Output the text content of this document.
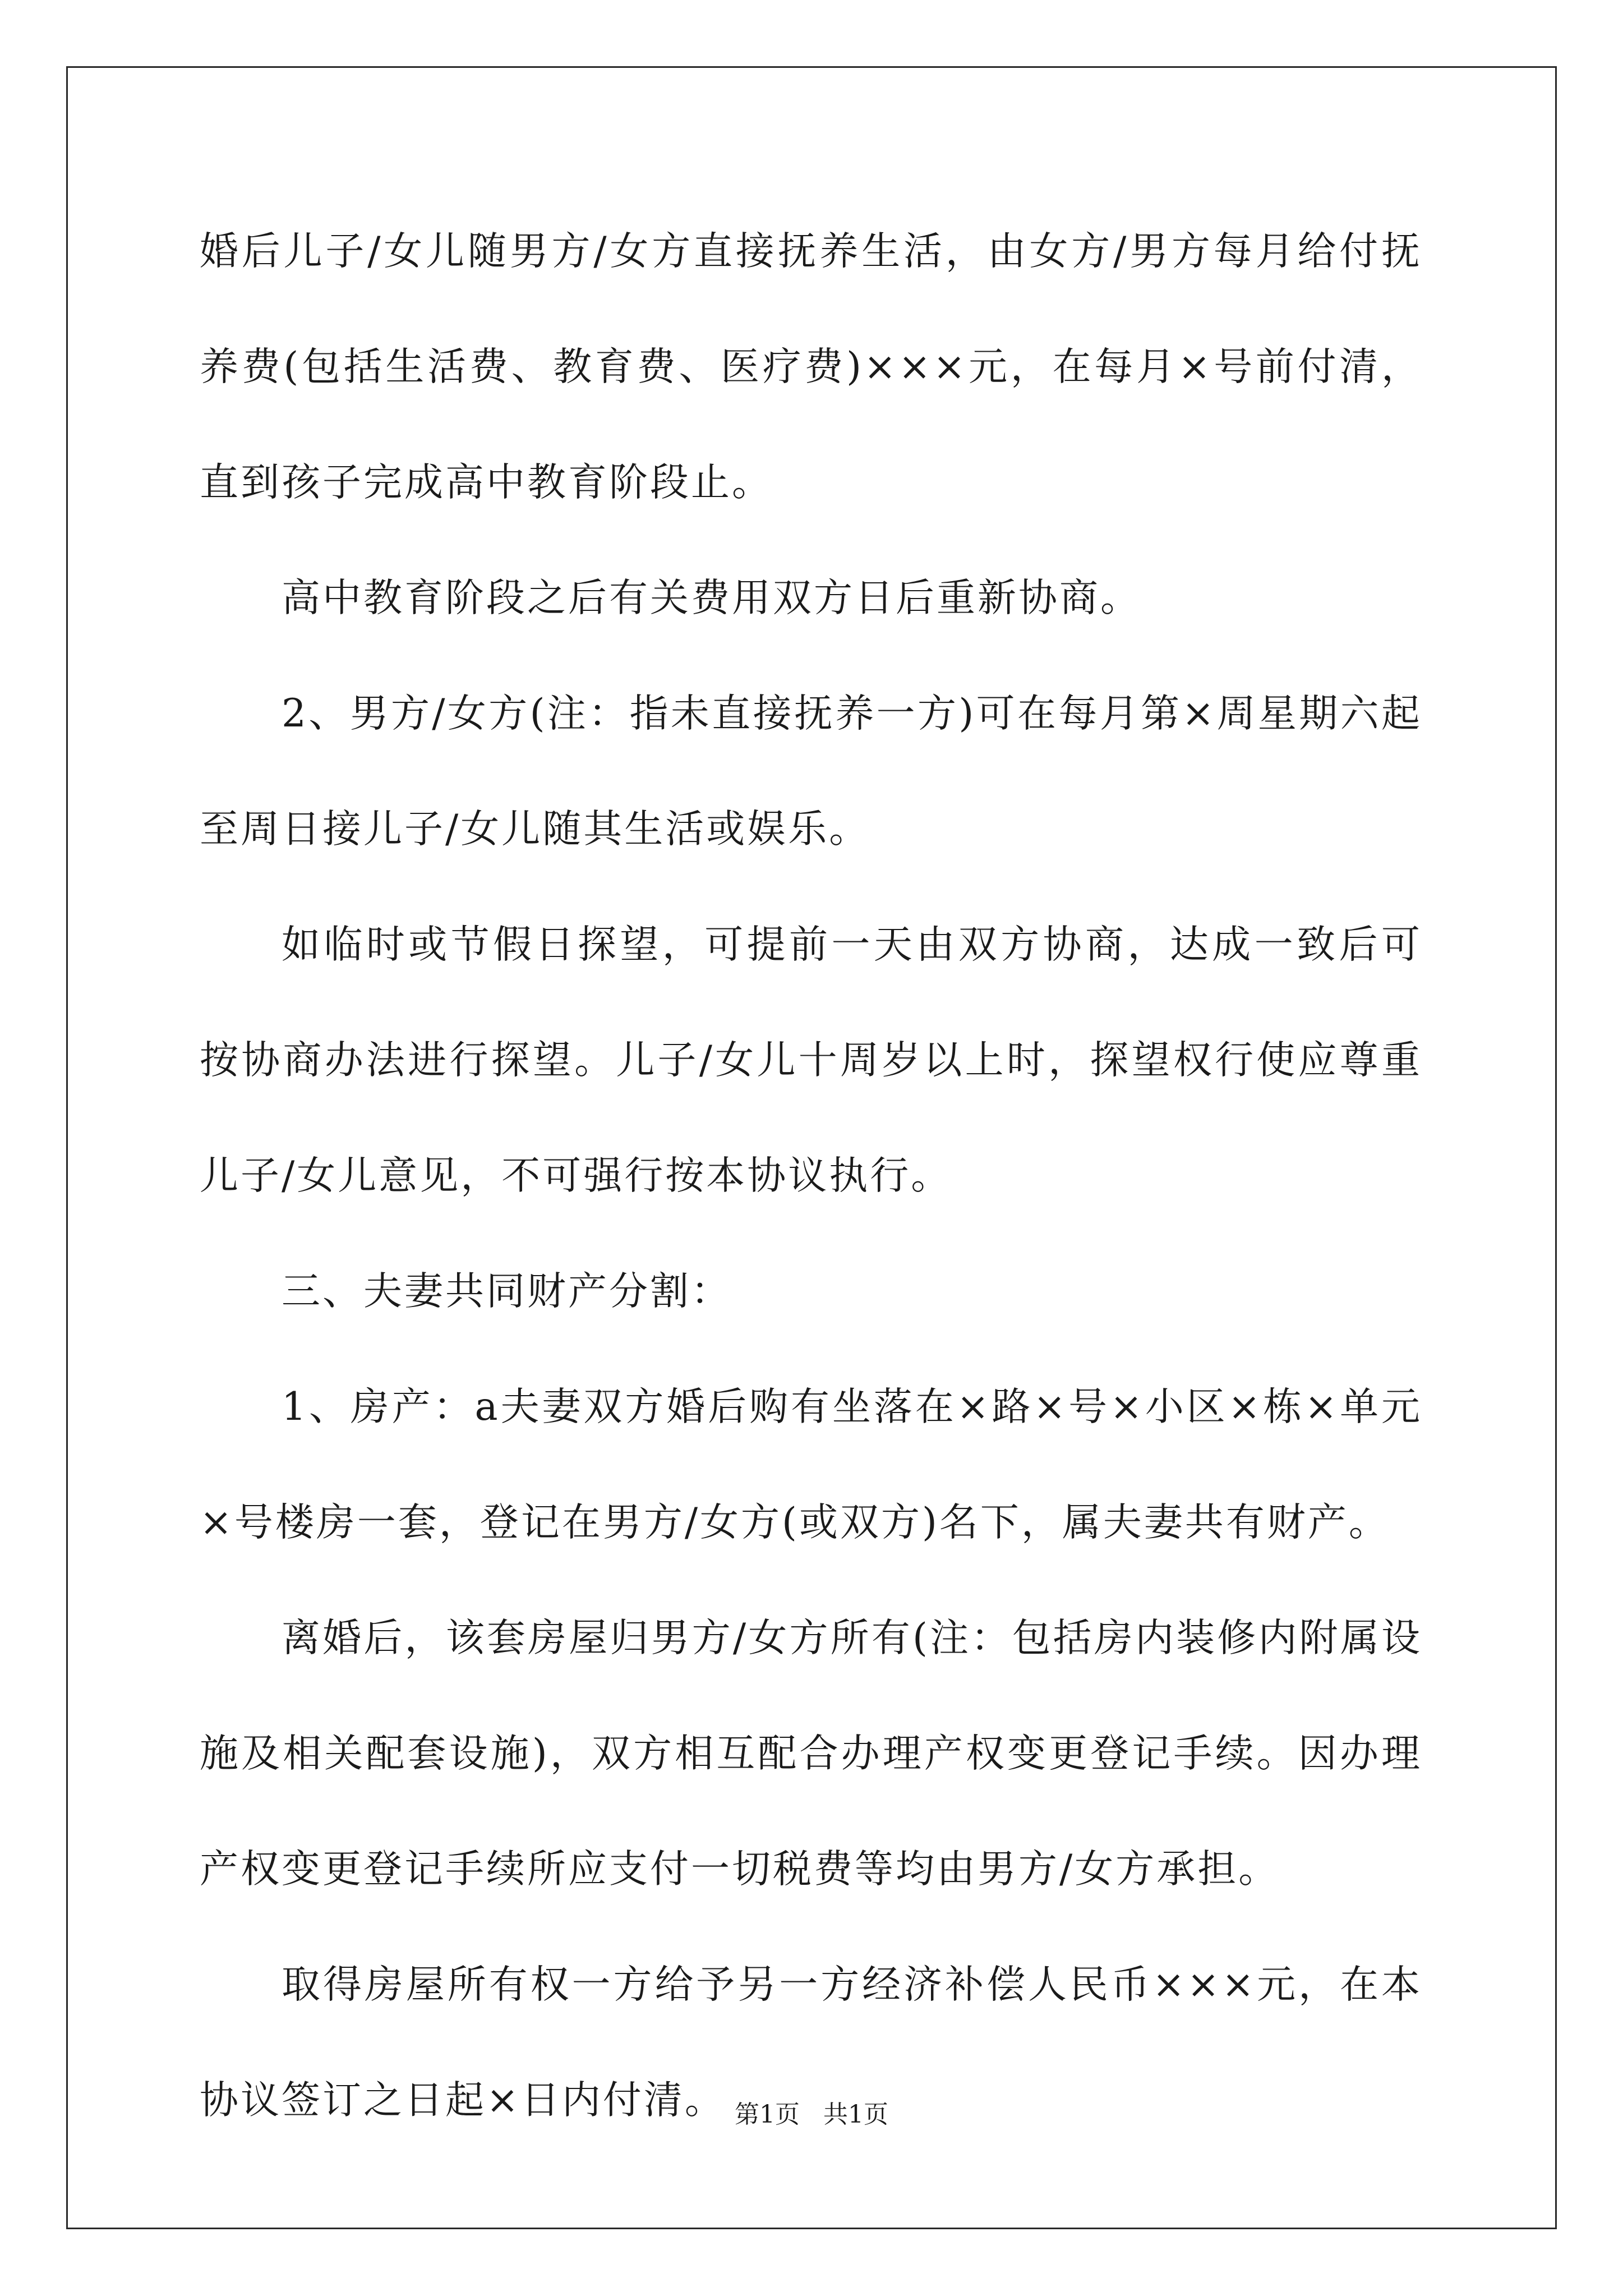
婚后儿子/女儿随男方/女方直接抚养生活，由女方/男方每月给付抚养费(包括生活费、教育费、医疗费)×××元，在每月×号前付清，直到孩子完成高中教育阶段止。

高中教育阶段之后有关费用双方日后重新协商。

2、男方/女方(注：指未直接抚养一方)可在每月第×周星期六起至周日接儿子/女儿随其生活或娱乐。

如临时或节假日探望，可提前一天由双方协商，达成一致后可按协商办法进行探望。儿子/女儿十周岁以上时，探望权行使应尊重儿子/女儿意见，不可强行按本协议执行。

三、夫妻共同财产分割：

1、房产：a夫妻双方婚后购有坐落在×路×号×小区×栋×单元×号楼房一套，登记在男方/女方(或双方)名下，属夫妻共有财产。

离婚后，该套房屋归男方/女方所有(注：包括房内装修内附属设施及相关配套设施)，双方相互配合办理产权变更登记手续。因办理产权变更登记手续所应支付一切税费等均由男方/女方承担。

取得房屋所有权一方给予另一方经济补偿人民币×××元，在本协议签订之日起×日内付清。 第1页   共1页
